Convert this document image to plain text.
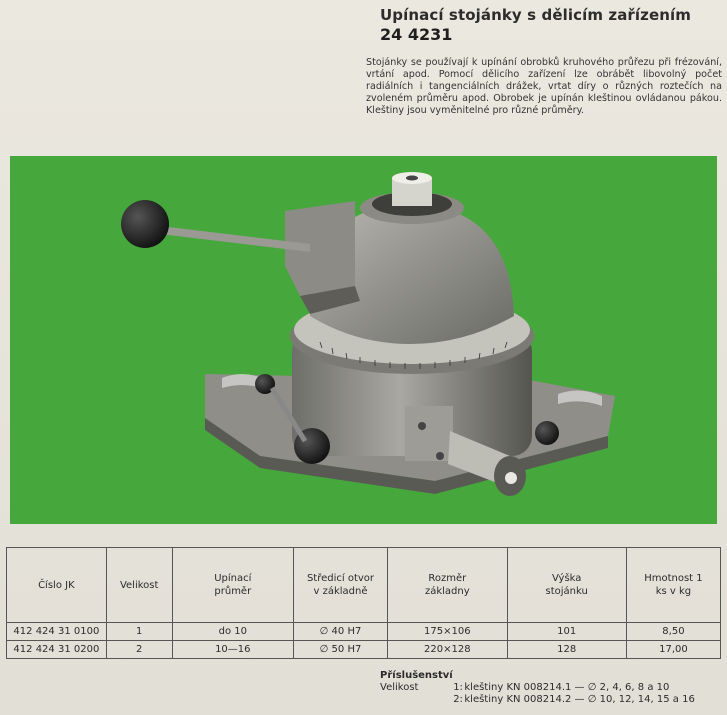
Upínací stojánky s dělicím zařízením
24 4231
Stojánky se používají k upínání obrobků kruhového průřezu při frézování, vrtání apod. Pomocí dělicího zařízení lze obrábět libovolný počet radiálních i tangenciálních drážek, vrtat díry o různých roztečích na zvoleném průměru apod. Obrobek je upínán kleštinou ovládanou pákou. Kleštiny jsou vyměnitelné pro různé průměry.
Číslo JK	Velikost	Upínací průměr	Středicí otvor v základně	Rozměr základny	Výška stojánku	Hmotnost 1 ks v kg
412 424 31 0100	1	do 10	∅ 40 H7	175×106	101	8,50
412 424 31 0200	2	10—16	∅ 50 H7	220×128	128	17,00
Příslušenství
Velikost	1: kleštiny KN 008214.1 — ∅ 2, 4, 6, 8 a 10
2: kleštiny KN 008214.2 — ∅ 10, 12, 14, 15 a 16
